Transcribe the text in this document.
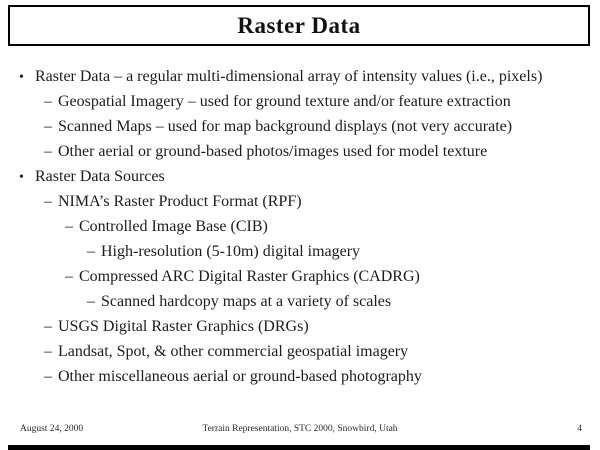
Raster Data
• Raster Data – a regular multi-dimensional array of intensity values (i.e., pixels)
– Geospatial Imagery – used for ground texture and/or feature extraction
– Scanned Maps – used for map background displays (not very accurate)
– Other aerial or ground-based photos/images used for model texture
• Raster Data Sources
– NIMA’s Raster Product Format (RPF)
– Controlled Image Base (CIB)
– High-resolution (5-10m) digital imagery
– Compressed ARC Digital Raster Graphics (CADRG)
– Scanned hardcopy maps at a variety of scales
– USGS Digital Raster Graphics (DRGs)
– Landsat, Spot, & other commercial geospatial imagery
– Other miscellaneous aerial or ground-based photography
August 24, 2000	Terrain Representation, STC 2000, Snowbird, Utah	4
